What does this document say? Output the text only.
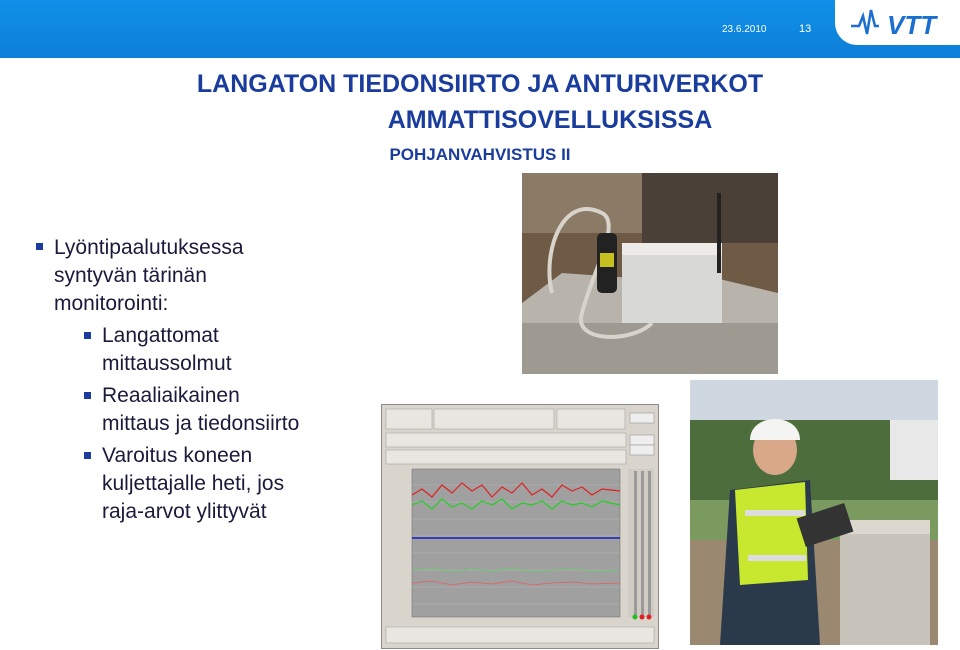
23.6.2010	13	VTT
LANGATON TIEDONSIIRTO JA ANTURIVERKOT
AMMATTISOVELLUKSISSA
POHJANVAHVISTUS II
Lyöntipaalutuksessa
syntyvän tärinän
monitorointi:
Langattomat
mittaussolmut
Reaaliaikainen
mittaus ja tiedonsiirto
Varoitus koneen
kuljettajalle heti, jos
raja-arvot ylittyvät
